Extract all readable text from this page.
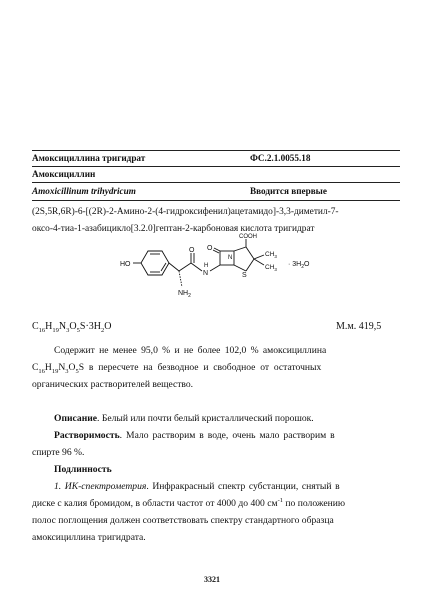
Амоксициллина тригидрат	ФС.2.1.0055.18
Амоксициллин
Amoxicillinum trihydricum	Вводится впервые
(2S,5R,6R)-6-[(2R)-2-Амино-2-(4-гидроксифенил)ацетамидо]-3,3-диметил-7-
оксо-4-тиа-1-азабицикло[3.2.0]гептан-2-карбоновая кислота тригидрат
HO
$NH_2$
O
H
N
O
N
S
COOH
$CH_3$
$CH_3$
· $3H_2O$
$C_{16}H_{19}N_3O_5S\cdot 3H_2O$	М.м. 419,5
Содержит не менее 95,0 % и не более 102,0 % амоксициллина
$C_{16}H_{19}N_3O_5S$ в пересчете на безводное и свободное от остаточных
органических растворителей вещество.
Описание. Белый или почти белый кристаллический порошок.
Растворимость. Мало растворим в воде, очень мало растворим в
спирте 96 %.
Подлинность
1. ИК-спектрометрия. Инфракрасный спектр субстанции, снятый в
диске с калия бромидом, в области частот от 4000 до 400 $см^{-1}$ по положению
полос поглощения должен соответствовать спектру стандартного образца
амоксициллина тригидрата.
3321
